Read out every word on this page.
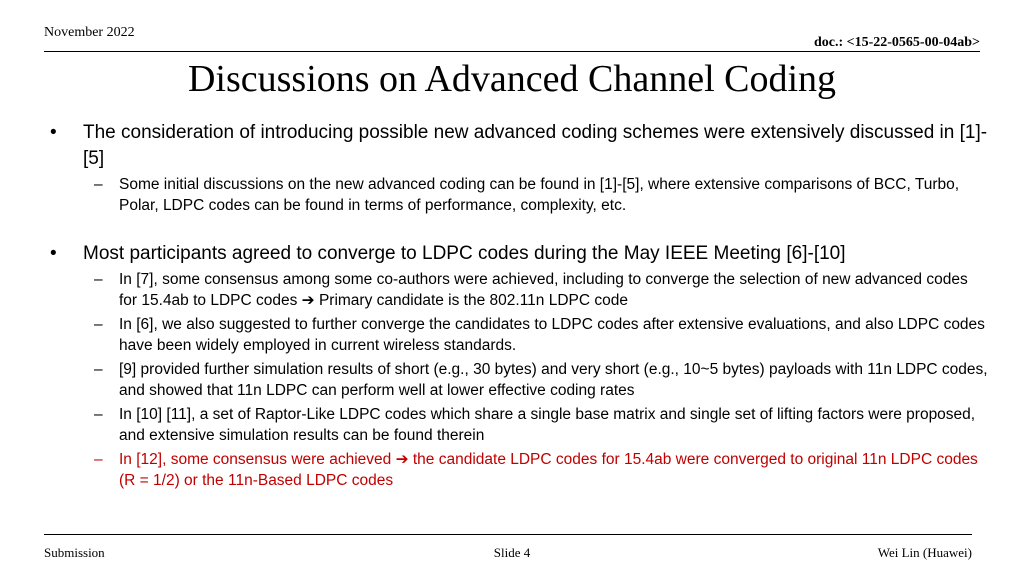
November 2022
doc.: <15-22-0565-00-04ab>
Discussions on Advanced Channel Coding
• The consideration of introducing possible new advanced coding schemes were extensively discussed in [1]-[5]
– Some initial discussions on the new advanced coding can be found in [1]-[5], where extensive comparisons of BCC, Turbo, Polar, LDPC codes can be found in terms of performance, complexity, etc.
• Most participants agreed to converge to LDPC codes during the May IEEE Meeting [6]-[10]
– In [7], some consensus among some co-authors were achieved, including to converge the selection of new advanced codes for 15.4ab to LDPC codes ➔ Primary candidate is the 802.11n LDPC code
– In [6], we also suggested to further converge the candidates to LDPC codes after extensive evaluations, and also LDPC codes have been widely employed in current wireless standards.
– [9] provided further simulation results of short (e.g., 30 bytes) and very short (e.g., 10~5 bytes) payloads with 11n LDPC codes, and showed that 11n LDPC can perform well at lower effective coding rates
– In [10] [11], a set of Raptor-Like LDPC codes which share a single base matrix and single set of lifting factors were proposed, and extensive simulation results can be found therein
– In [12], some consensus were achieved ➔ the candidate LDPC codes for 15.4ab were converged to original 11n LDPC codes (R = 1/2) or the 11n-Based LDPC codes
Submission	Slide 4	Wei Lin (Huawei)
